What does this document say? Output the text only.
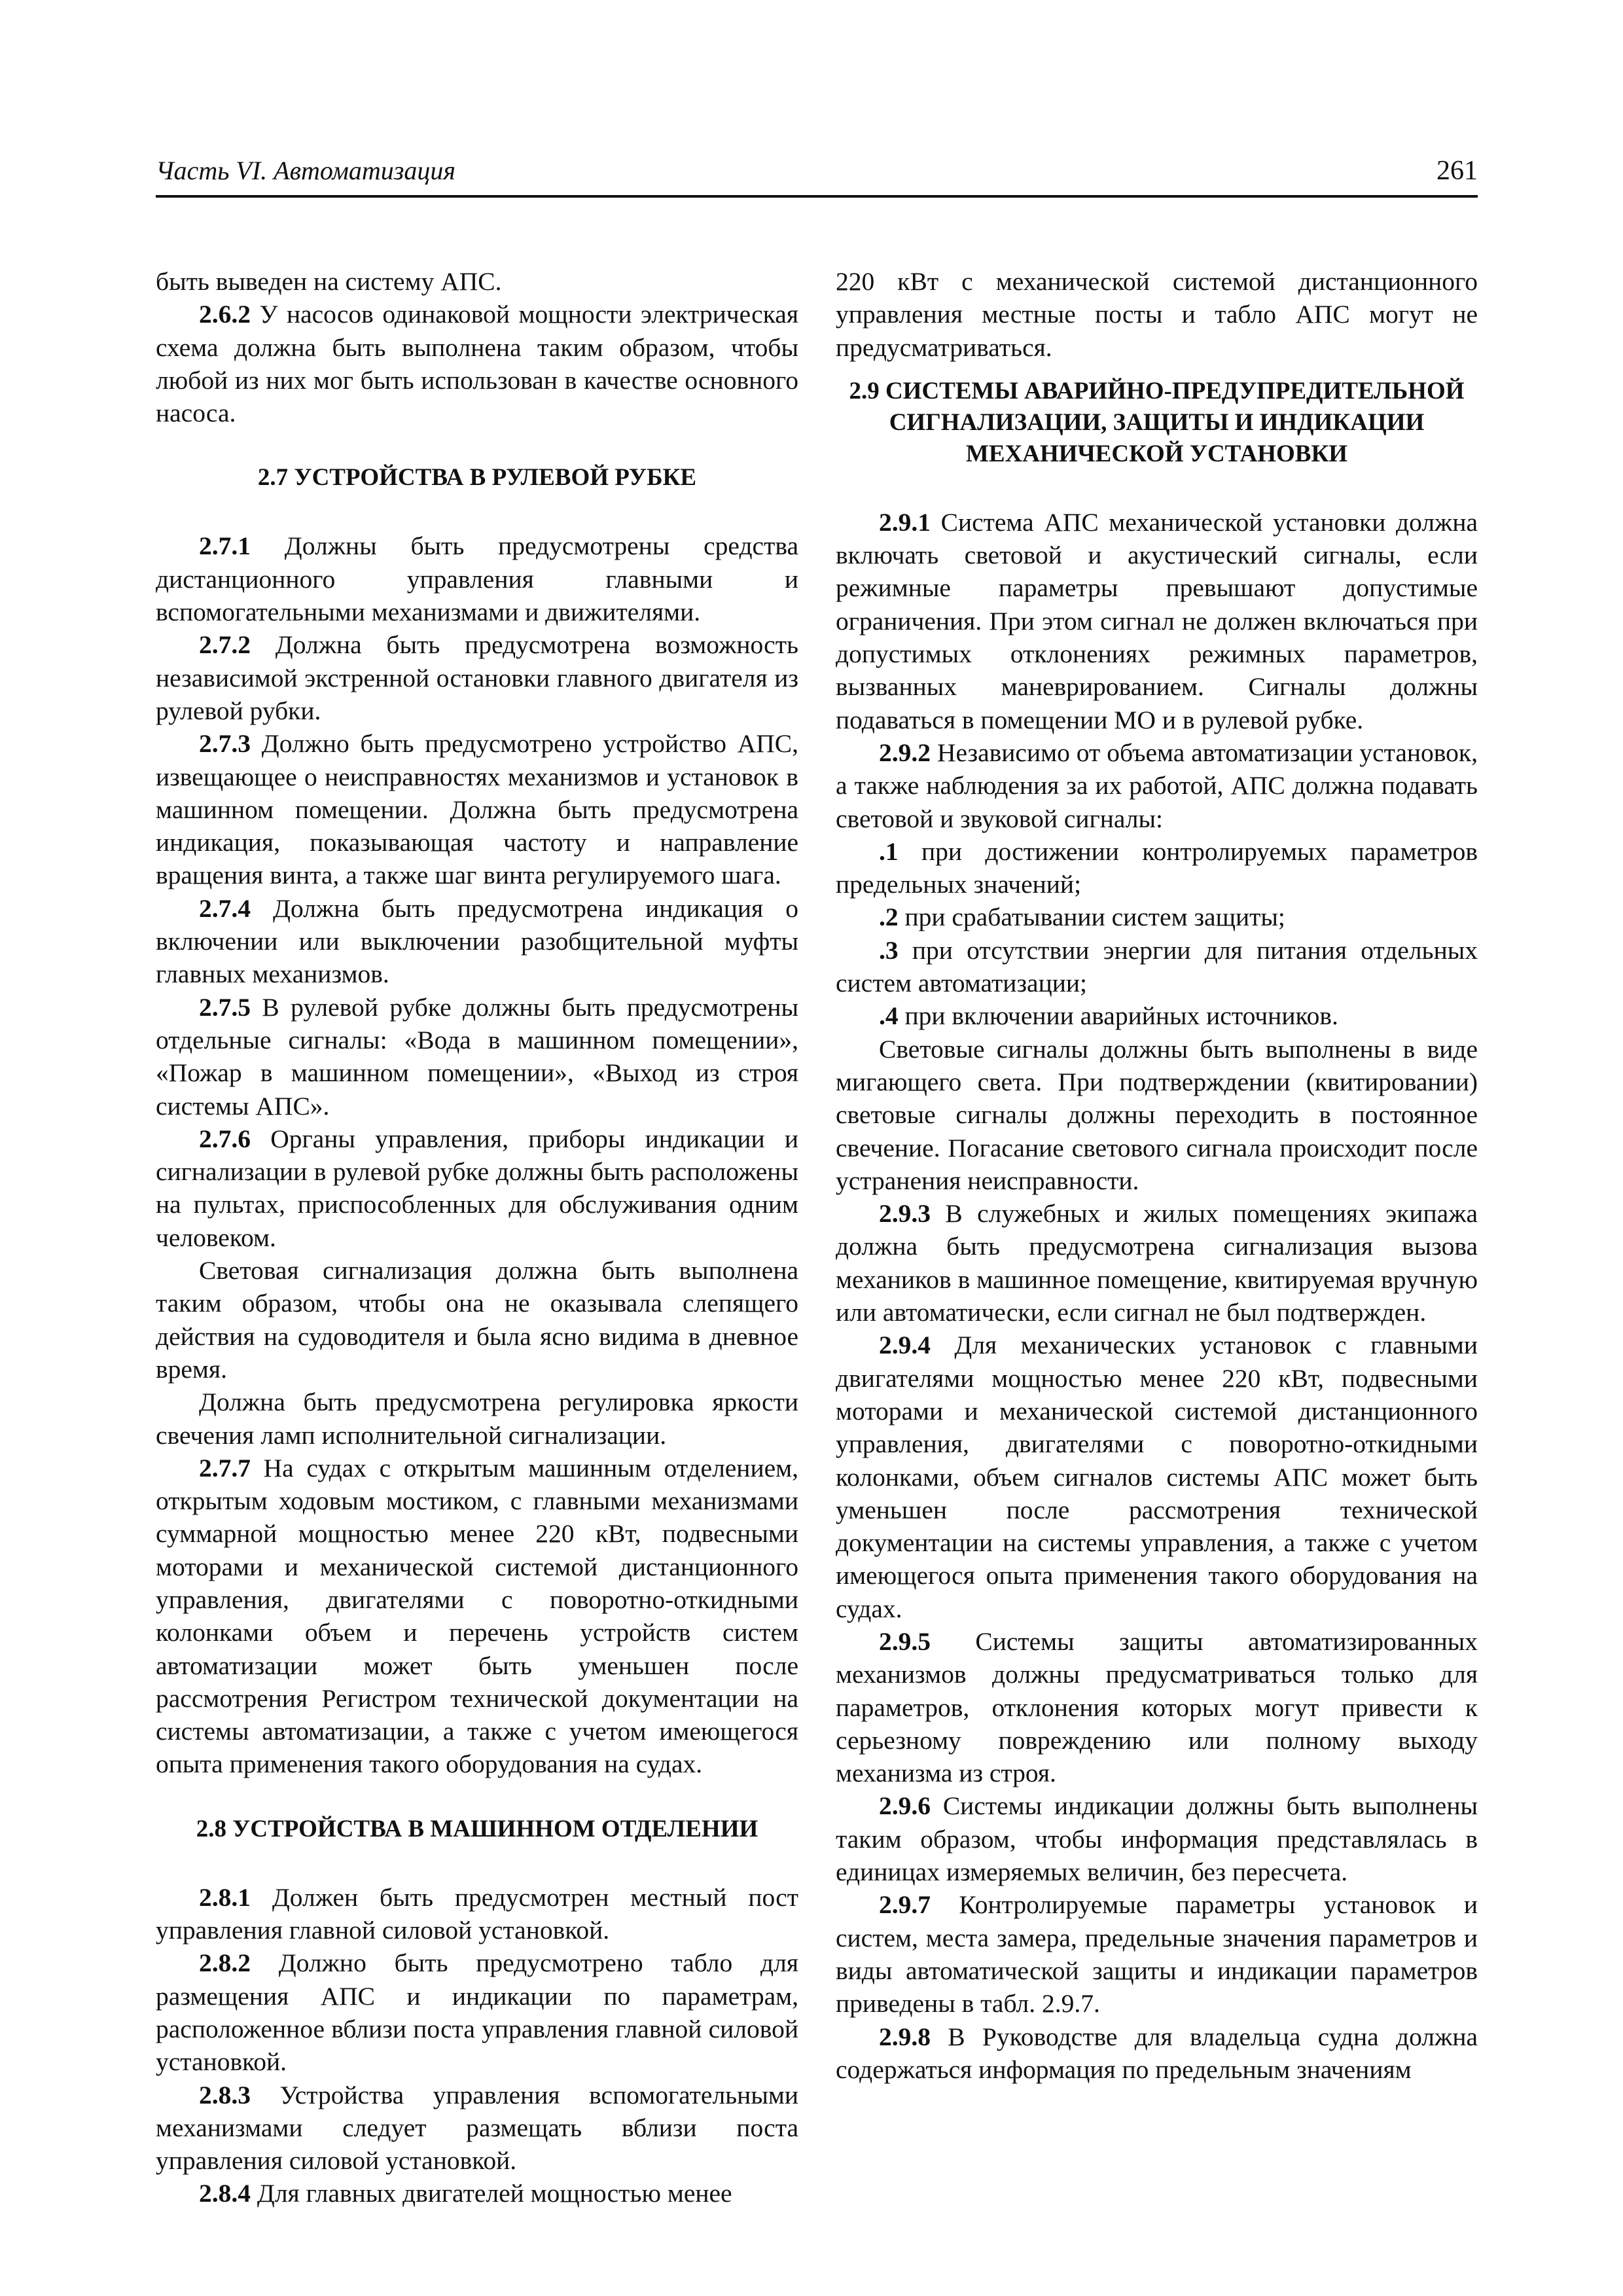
Часть VI. Автоматизация	261

быть выведен на систему АПС.

2.6.2 У насосов одинаковой мощности электрическая схема должна быть выполнена таким образом, чтобы любой из них мог быть использован в качестве основного насоса.

2.7 УСТРОЙСТВА В РУЛЕВОЙ РУБКЕ

2.7.1 Должны быть предусмотрены средства дистанционного управления главными и вспомогательными механизмами и движителями.

2.7.2 Должна быть предусмотрена возможность независимой экстренной остановки главного двигателя из рулевой рубки.

2.7.3 Должно быть предусмотрено устройство АПС, извещающее о неисправностях механизмов и установок в машинном помещении. Должна быть предусмотрена индикация, показывающая частоту и направление вращения винта, а также шаг винта регулируемого шага.

2.7.4 Должна быть предусмотрена индикация о включении или выключении разобщительной муфты главных механизмов.

2.7.5 В рулевой рубке должны быть предусмотрены отдельные сигналы: «Вода в машинном помещении», «Пожар в машинном помещении», «Выход из строя системы АПС».

2.7.6 Органы управления, приборы индикации и сигнализации в рулевой рубке должны быть расположены на пультах, приспособленных для обслуживания одним человеком.

Световая сигнализация должна быть выполнена таким образом, чтобы она не оказывала слепящего действия на судоводителя и была ясно видима в дневное время.

Должна быть предусмотрена регулировка яркости свечения ламп исполнительной сигнализации.

2.7.7 На судах с открытым машинным отделением, открытым ходовым мостиком, с главными механизмами суммарной мощностью менее 220 кВт, подвесными моторами и механической системой дистанционного управления, двигателями с поворотно-откидными колонками объем и перечень устройств систем автоматизации может быть уменьшен после рассмотрения Регистром технической документации на системы автоматизации, а также с учетом имеющегося опыта применения такого оборудования на судах.

2.8 УСТРОЙСТВА В МАШИННОМ ОТДЕЛЕНИИ

2.8.1 Должен быть предусмотрен местный пост управления главной силовой установкой.

2.8.2 Должно быть предусмотрено табло для размещения АПС и индикации по параметрам, расположенное вблизи поста управления главной силовой установкой.

2.8.3 Устройства управления вспомогательными механизмами следует размещать вблизи поста управления силовой установкой.

2.8.4 Для главных двигателей мощностью менее

220 кВт с механической системой дистанционного управления местные посты и табло АПС могут не предусматриваться.

2.9 СИСТЕМЫ АВАРИЙНО-ПРЕДУПРЕДИТЕЛЬНОЙ СИГНАЛИЗАЦИИ, ЗАЩИТЫ И ИНДИКАЦИИ МЕХАНИЧЕСКОЙ УСТАНОВКИ

2.9.1 Система АПС механической установки должна включать световой и акустический сигналы, если режимные параметры превышают допустимые ограничения. При этом сигнал не должен включаться при допустимых отклонениях режимных параметров, вызванных маневрированием. Сигналы должны подаваться в помещении МО и в рулевой рубке.

2.9.2 Независимо от объема автоматизации установок, а также наблюдения за их работой, АПС должна подавать световой и звуковой сигналы:

.1 при достижении контролируемых параметров предельных значений;

.2 при срабатывании систем защиты;

.3 при отсутствии энергии для питания отдельных систем автоматизации;

.4 при включении аварийных источников.

Световые сигналы должны быть выполнены в виде мигающего света. При подтверждении (квитировании) световые сигналы должны переходить в постоянное свечение. Погасание светового сигнала происходит после устранения неисправности.

2.9.3 В служебных и жилых помещениях экипажа должна быть предусмотрена сигнализация вызова механиков в машинное помещение, квитируемая вручную или автоматически, если сигнал не был подтвержден.

2.9.4 Для механических установок с главными двигателями мощностью менее 220 кВт, подвесными моторами и механической системой дистанционного управления, двигателями с поворотно-откидными колонками, объем сигналов системы АПС может быть уменьшен после рассмотрения технической документации на системы управления, а также с учетом имеющегося опыта применения такого оборудования на судах.

2.9.5 Системы защиты автоматизированных механизмов должны предусматриваться только для параметров, отклонения которых могут привести к серьезному повреждению или полному выходу механизма из строя.

2.9.6 Системы индикации должны быть выполнены таким образом, чтобы информация представлялась в единицах измеряемых величин, без пересчета.

2.9.7 Контролируемые параметры установок и систем, места замера, предельные значения параметров и виды автоматической защиты и индикации параметров приведены в табл. 2.9.7.

2.9.8 В Руководстве для владельца судна должна содержаться информация по предельным значениям
